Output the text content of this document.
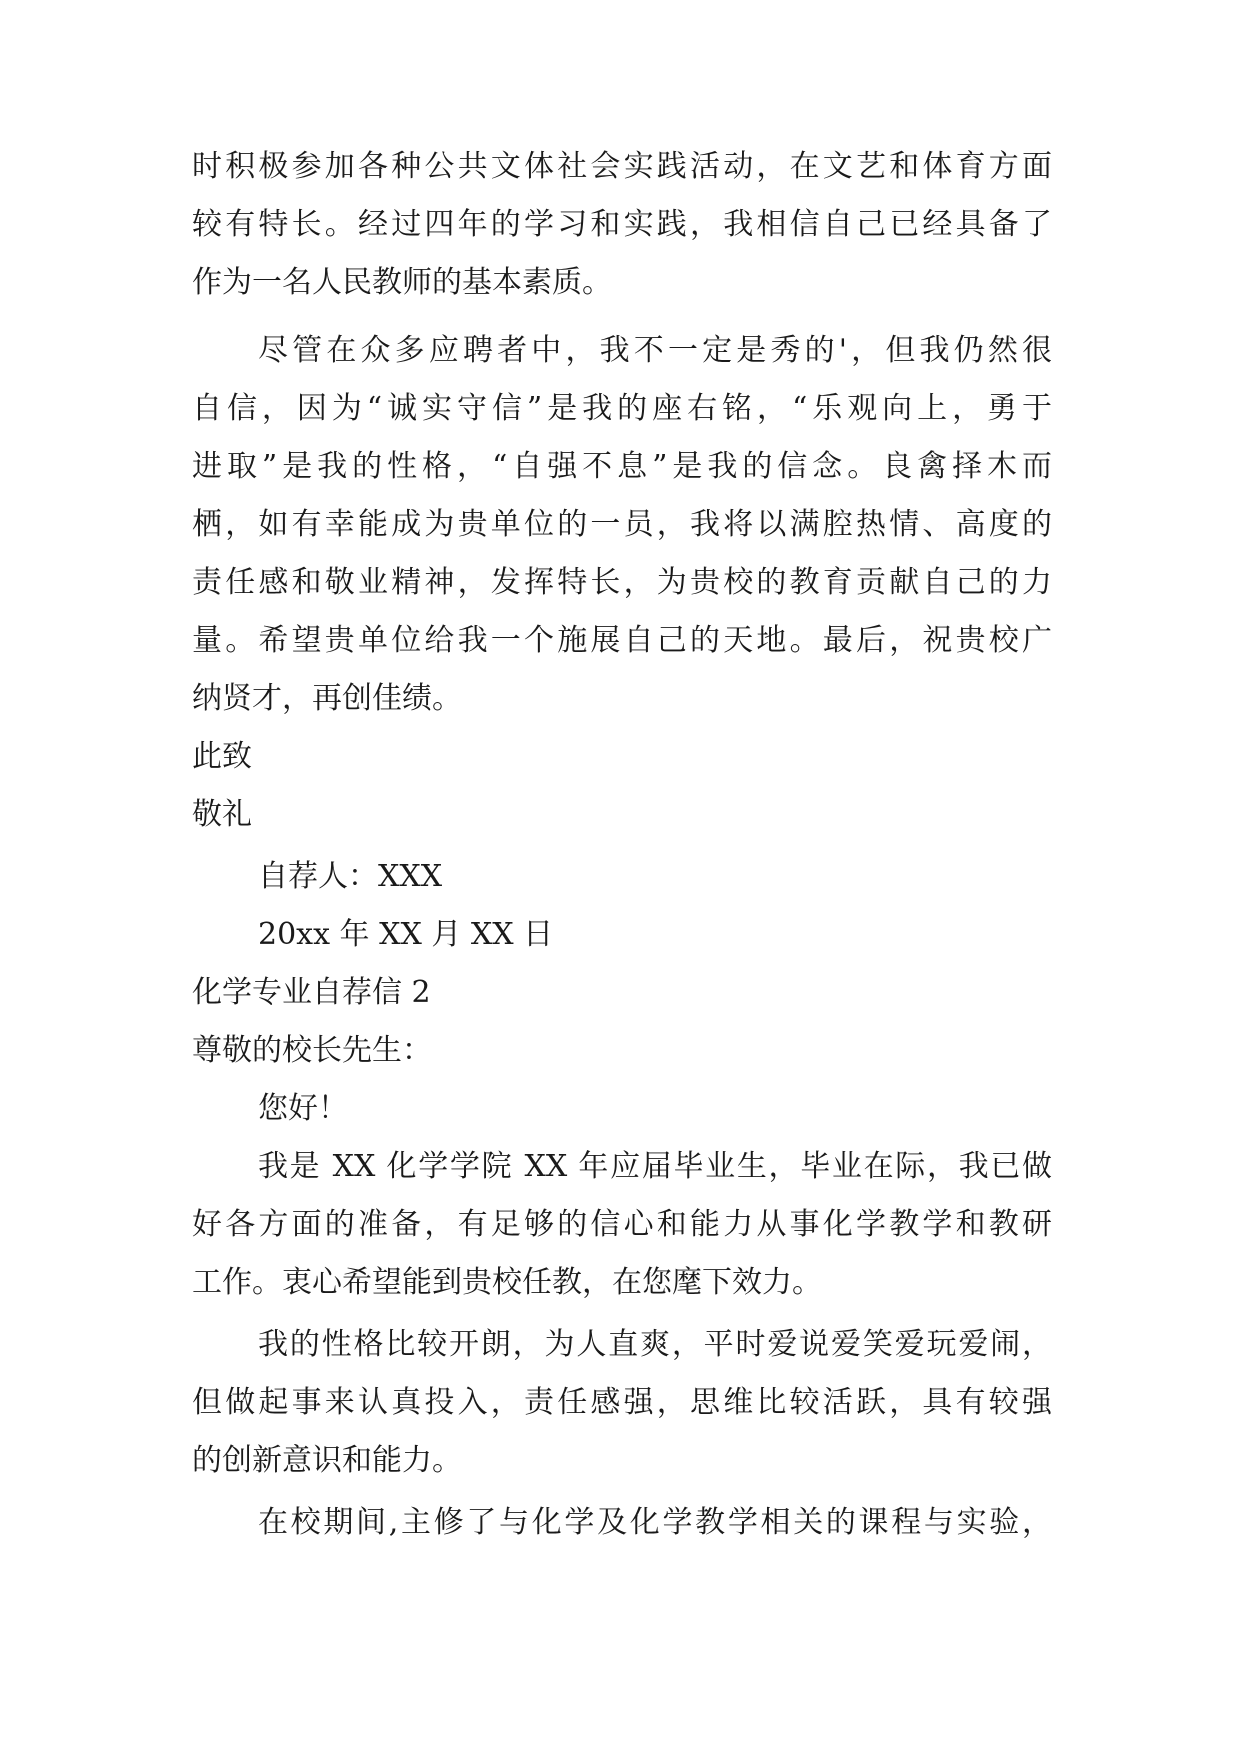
时积极参加各种公共文体社会实践活动，在文艺和体育方面
较有特长。经过四年的学习和实践，我相信自己已经具备了
作为一名人民教师的基本素质。
尽管在众多应聘者中，我不一定是秀的'，但我仍然很
自信，因为“诚实守信”是我的座右铭，“乐观向上，勇于
进取”是我的性格，“自强不息”是我的信念。良禽择木而
栖，如有幸能成为贵单位的一员，我将以满腔热情、高度的
责任感和敬业精神，发挥特长，为贵校的教育贡献自己的力
量。希望贵单位给我一个施展自己的天地。最后，祝贵校广
纳贤才，再创佳绩。
此致
敬礼
自荐人：XXX
20xx 年 XX 月 XX 日
化学专业自荐信 2
尊敬的校长先生：
您好！
我是 XX 化学学院 XX 年应届毕业生，毕业在际，我已做
好各方面的准备，有足够的信心和能力从事化学教学和教研
工作。衷心希望能到贵校任教，在您麾下效力。
我的性格比较开朗，为人直爽，平时爱说爱笑爱玩爱闹，
但做起事来认真投入，责任感强，思维比较活跃，具有较强
的创新意识和能力。
在校期间,主修了与化学及化学教学相关的课程与实验，
